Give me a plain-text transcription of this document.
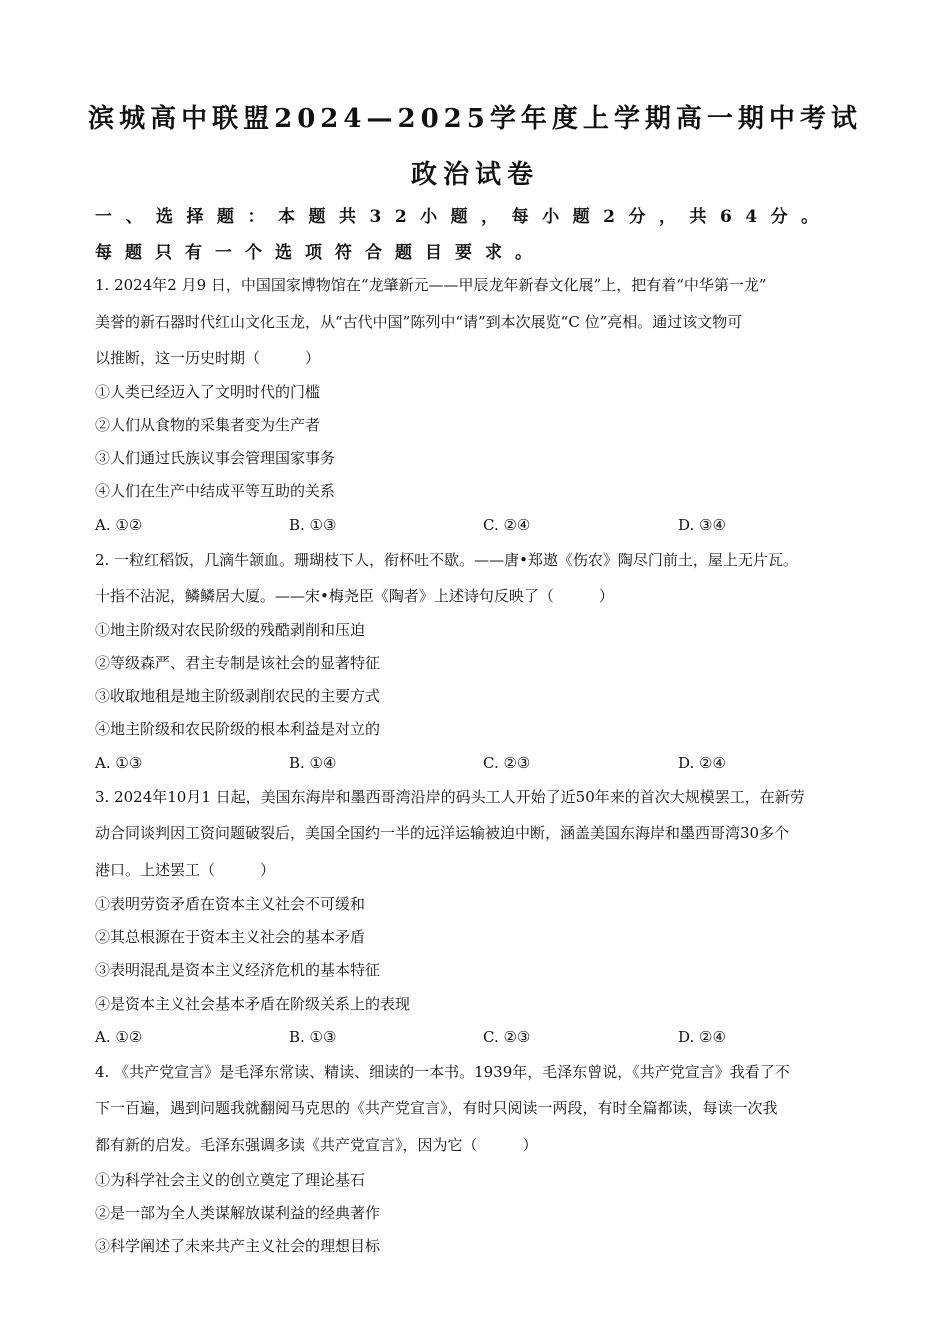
滨城高中联盟2024—2025学年度上学期高一期中考试
政治试卷

一、选择题：本题共32小题，每小题2分，共64分。

每题只有一个选项符合题目要求。

1. 2024年2 月9 日，中国国家博物馆在“龙肇新元——甲辰龙年新春文化展”上，把有着“中华第一龙”

美誉的新石器时代红山文化玉龙，从“古代中国”陈列中“请”到本次展览“C 位”亮相。通过该文物可

以推断，这一历史时期（　　　）

①人类已经迈入了文明时代的门槛

②人们从食物的采集者变为生产者

③人们通过氏族议事会管理国家事务

④人们在生产中结成平等互助的关系

A. ①②	B. ①③	C. ②④	D. ③④

2. 一粒红稻饭，几滴牛颔血。珊瑚枝下人，衔杯吐不歇。——唐•郑遨《伤农》陶尽门前土，屋上无片瓦。

十指不沾泥，鳞鳞居大厦。——宋•梅尧臣《陶者》上述诗句反映了（　　　）

①地主阶级对农民阶级的残酷剥削和压迫

②等级森严、君主专制是该社会的显著特征

③收取地租是地主阶级剥削农民的主要方式

④地主阶级和农民阶级的根本利益是对立的

A. ①③	B. ①④	C. ②③	D. ②④

3. 2024年10月1 日起，美国东海岸和墨西哥湾沿岸的码头工人开始了近50年来的首次大规模罢工，在新劳

动合同谈判因工资问题破裂后，美国全国约一半的远洋运输被迫中断，涵盖美国东海岸和墨西哥湾30多个

港口。上述罢工（　　　）

①表明劳资矛盾在资本主义社会不可缓和

②其总根源在于资本主义社会的基本矛盾

③表明混乱是资本主义经济危机的基本特征

④是资本主义社会基本矛盾在阶级关系上的表现

A. ①②	B. ①③	C. ②③	D. ②④

4. 《共产党宣言》是毛泽东常读、精读、细读的一本书。1939年，毛泽东曾说，《共产党宣言》我看了不

下一百遍，遇到问题我就翻阅马克思的《共产党宣言》，有时只阅读一两段，有时全篇都读，每读一次我

都有新的启发。毛泽东强调多读《共产党宣言》，因为它（　　　）

①为科学社会主义的创立奠定了理论基石

②是一部为全人类谋解放谋利益的经典著作

③科学阐述了未来共产主义社会的理想目标
